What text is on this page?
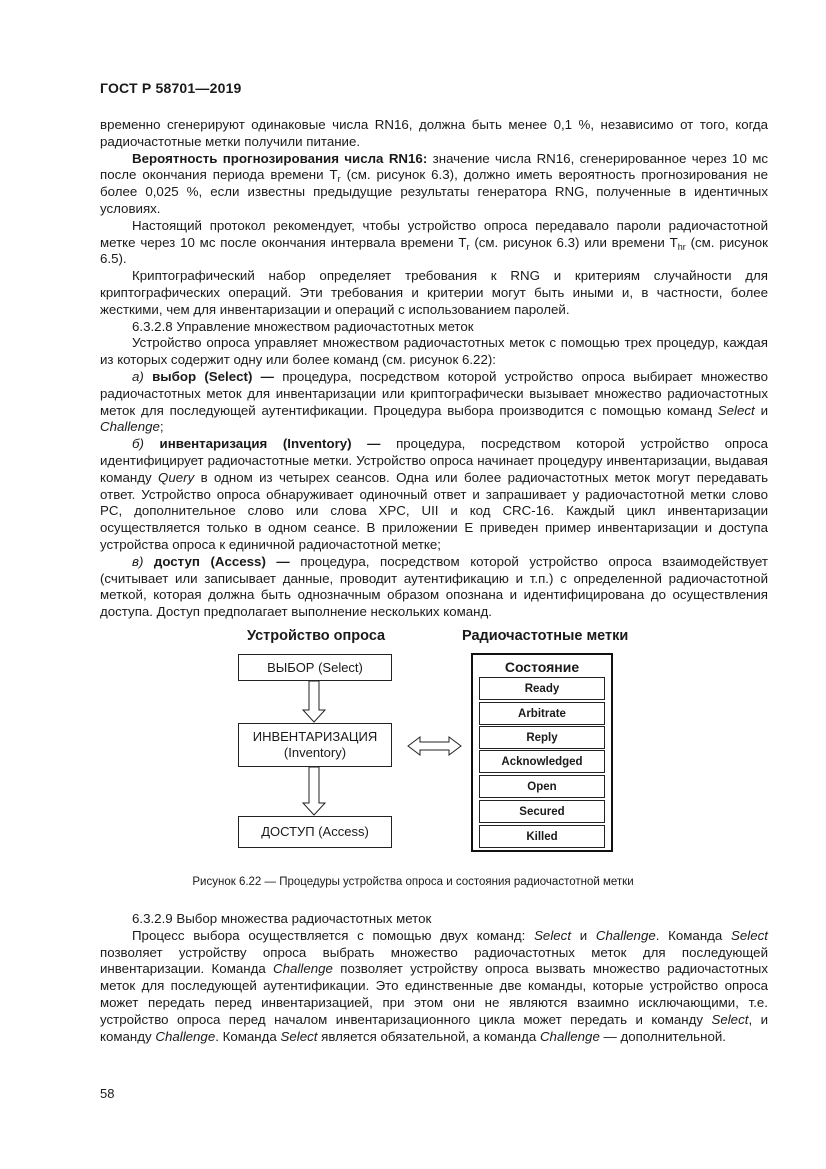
ГОСТ Р 58701—2019

временно сгенерируют одинаковые числа RN16, должна быть менее 0,1 %, независимо от того, когда радиочастотные метки получили питание.

Вероятность прогнозирования числа RN16: значение числа RN16, сгенерированное через 10 мс после окончания периода времени $T_r$ (см. рисунок 6.3), должно иметь вероятность прогнозирования не более 0,025 %, если известны предыдущие результаты генератора RNG, полученные в идентичных условиях.

Настоящий протокол рекомендует, чтобы устройство опроса передавало пароли радиочастотной метке через 10 мс после окончания интервала времени $T_r$ (см. рисунок 6.3) или времени $T_{hr}$ (см. рисунок 6.5).

Криптографический набор определяет требования к RNG и критериям случайности для криптографических операций. Эти требования и критерии могут быть иными и, в частности, более жесткими, чем для инвентаризации и операций с использованием паролей.

6.3.2.8 Управление множеством радиочастотных меток

Устройство опроса управляет множеством радиочастотных меток с помощью трех процедур, каждая из которых содержит одну или более команд (см. рисунок 6.22):

а) выбор (Select) — процедура, посредством которой устройство опроса выбирает множество радиочастотных меток для инвентаризации или криптографически вызывает множество радиочастотных меток для последующей аутентификации. Процедура выбора производится с помощью команд Select и Challenge;

б) инвентаризация (Inventory) — процедура, посредством которой устройство опроса идентифицирует радиочастотные метки. Устройство опроса начинает процедуру инвентаризации, выдавая команду Query в одном из четырех сеансов. Одна или более радиочастотных меток могут передавать ответ. Устройство опроса обнаруживает одиночный ответ и запрашивает у радиочастотной метки слово PC, дополнительное слово или слова XPC, UII и код CRC-16. Каждый цикл инвентаризации осуществляется только в одном сеансе. В приложении Е приведен пример инвентаризации и доступа устройства опроса к единичной радиочастотной метке;

в) доступ (Access) — процедура, посредством которой устройство опроса взаимодействует (считывает или записывает данные, проводит аутентификацию и т.п.) с определенной радиочастотной меткой, которая должна быть однозначным образом опознана и идентифицирована до осуществления доступа. Доступ предполагает выполнение нескольких команд.

Устройство опроса	Радиочастотные метки
ВЫБОР (Select)
ИНВЕНТАРИЗАЦИЯ
(Inventory)
ДОСТУП (Access)
Состояние
Ready
Arbitrate
Reply
Acknowledged
Open
Secured
Killed
Рисунок 6.22 — Процедуры устройства опроса и состояния радиочастотной метки

6.3.2.9 Выбор множества радиочастотных меток

Процесс выбора осуществляется с помощью двух команд: Select и Challenge. Команда Select позволяет устройству опроса выбрать множество радиочастотных меток для последующей инвентаризации. Команда Challenge позволяет устройству опроса вызвать множество радиочастотных меток для последующей аутентификации. Это единственные две команды, которые устройство опроса может передать перед инвентаризацией, при этом они не являются взаимно исключающими, т.е. устройство опроса перед началом инвентаризационного цикла может передать и команду Select, и команду Challenge. Команда Select является обязательной, а команда Challenge — дополнительной.

58
